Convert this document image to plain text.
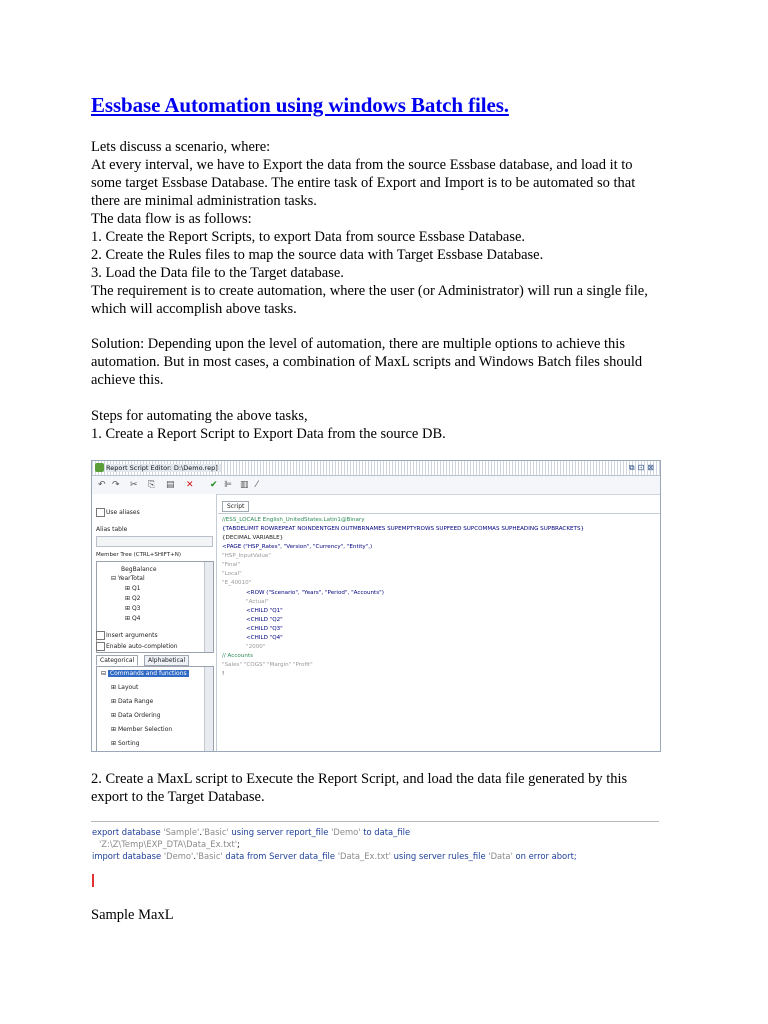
Essbase Automation using windows Batch files.
Lets discuss a scenario, where:
At every interval, we have to Export the data from the source Essbase database, and load it to
some target Essbase Database. The entire task of Export and Import is to be automated so that
there are minimal administration tasks.
The data flow is as follows:
1. Create the Report Scripts, to export Data from source Essbase Database.
2. Create the Rules files to map the source data with Target Essbase Database.
3. Load the Data file to the Target database.
The requirement is to create automation, where the user (or Administrator) will run a single file,
which will accomplish above tasks.
Solution: Depending upon the level of automation, there are multiple options to achieve this
automation. But in most cases, a combination of MaxL scripts and Windows Batch files should
achieve this.
Steps for automating the above tasks,
1. Create a Report Script to Export Data from the source DB.
2. Create a MaxL script to Execute the Report Script, and load the data file generated by this
export to the Target Database.
Sample MaxL
Report Script Editor: D:\Demo.rep]	⧉⊡⊠
↶ ↷ ✂ ⎘ ▤ ✕ ✔ ⊫ ▥ ⁄
Use aliases
Alias table
Member Tree (CTRL+SHIFT+N)
BegBalance
⊟ YearTotal
⊞ Q1
⊞ Q2
⊞ Q3
⊞ Q4
Insert arguments
Enable auto-completion
Categorical	Alphabetical
⊟ Commands and functions
⊞ Layout
⊞ Data Range
⊞ Data Ordering
⊞ Member Selection
⊞ Sorting
Script
//ESS_LOCALE English_UnitedStates.Latin1@Binary
{TABDELIMIT ROWREPEAT NOINDENTGEN OUTMBRNAMES SUPEMPTYROWS SUPFEED SUPCOMMAS SUPHEADING SUPBRACKETS}
{DECIMAL VARIABLE}
<PAGE ("HSP_Rates", "Version", "Currency", "Entity",)
"HSP_InputValue"
"Final"
"Local"
"E_40010"
<ROW ("Scenario", "Years", "Period", "Accounts")
"Actual"
<CHILD "Q1"
<CHILD "Q2"
<CHILD "Q3"
<CHILD "Q4"
"2000"
// Accounts
"Sales" "COGS" "Margin" "Profit"
!
export database 'Sample'.'Basic' using server report_file 'Demo' to data_file
'Z:\Z\Temp\EXP_DTA\Data_Ex.txt';
import database 'Demo'.'Basic' data from Server data_file 'Data_Ex.txt' using server rules_file 'Data' on error abort;
